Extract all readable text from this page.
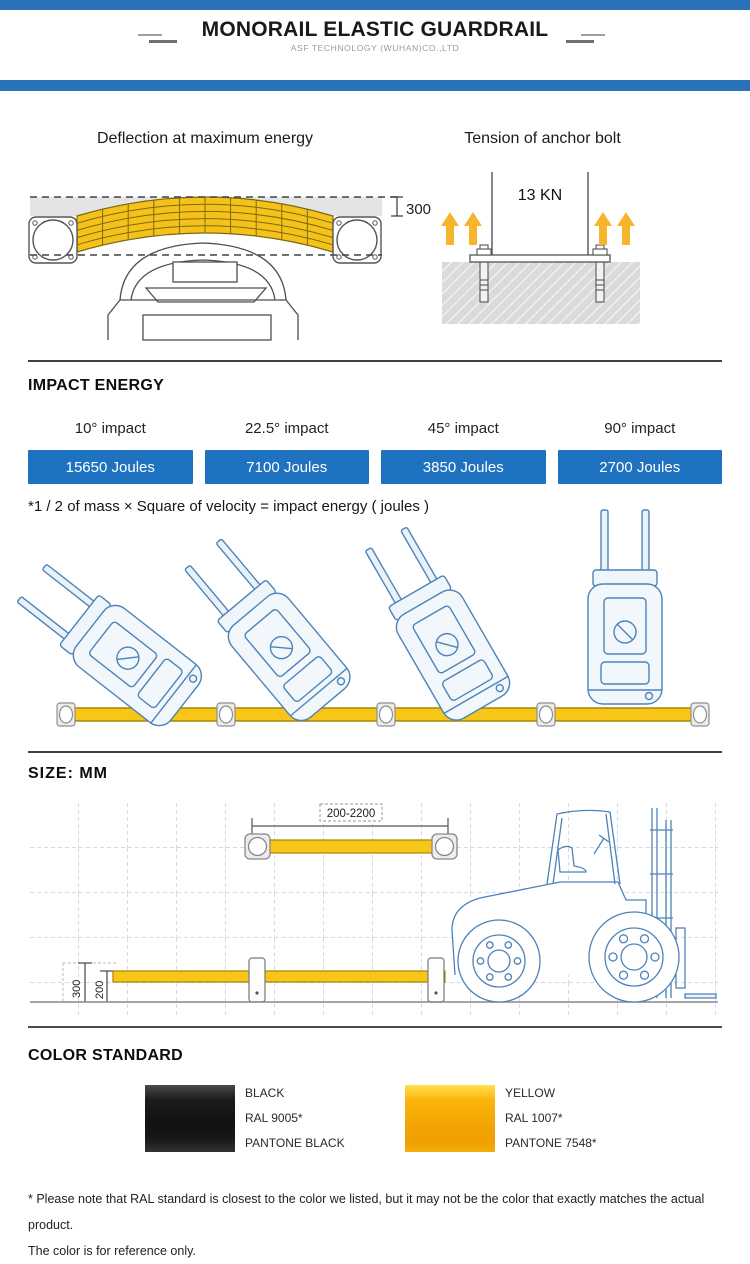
MONORAIL ELASTIC GUARDRAIL
ASF TECHNOLOGY (WUHAN)CO.,LTD
Deflection at maximum energy	Tension of anchor bolt
300
13 KN
IMPACT ENERGY
10° impact
15650 Joules
22.5° impact
7100 Joules
45° impact
3850 Joules
90° impact
2700 Joules
*1 / 2 of mass × Square of velocity = impact energy ( joules )
SIZE: MM
200-2200
300 200
COLOR STANDARD
BLACK
RAL 9005*
PANTONE BLACK
YELLOW
RAL 1007*
PANTONE 7548*
* Please note that RAL standard is closest to the color we listed, but it may not be the color that exactly matches the actual product.
The color is for reference only.
